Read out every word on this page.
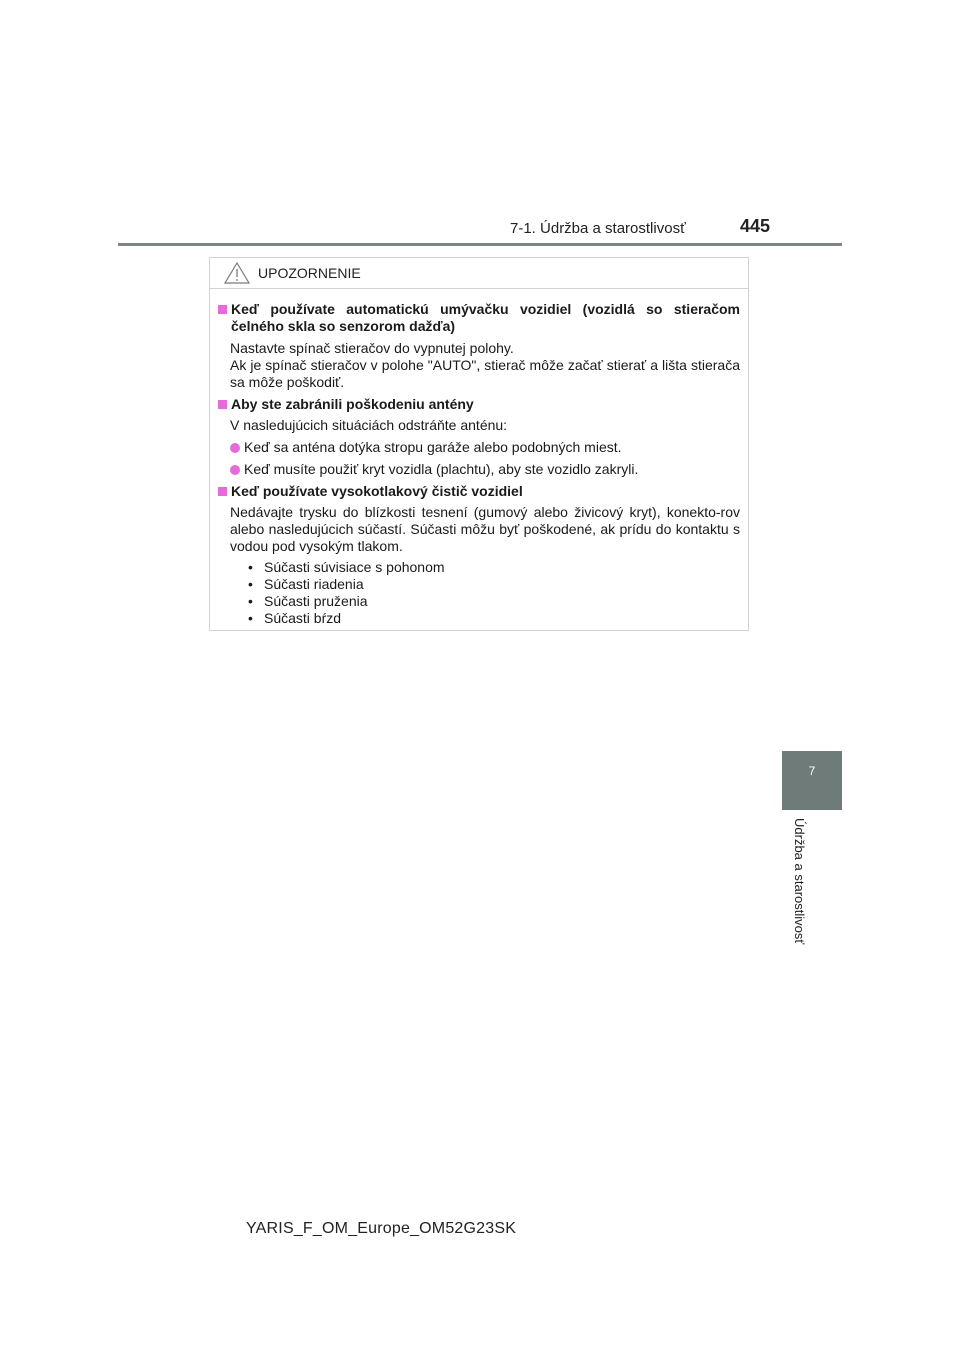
7-1. Údržba a starostlivosť	445
7
Údržba a starostlivosť
UPOZORNENIE
Keď používate automatickú umývačku vozidiel (vozidlá so stieračom čelného skla so senzorom dažďa)
Nastavte spínač stieračov do vypnutej polohy.
Ak je spínač stieračov v polohe "AUTO", stierač môže začať stierať a lišta stierača sa môže poškodiť.
Aby ste zabránili poškodeniu antény
V nasledujúcich situáciách odstráňte anténu:
Keď sa anténa dotýka stropu garáže alebo podobných miest.
Keď musíte použiť kryt vozidla (plachtu), aby ste vozidlo zakryli.
Keď používate vysokotlakový čistič vozidiel
Nedávajte trysku do blízkosti tesnení (gumový alebo živicový kryt), konekto-rov alebo nasledujúcich súčastí. Súčasti môžu byť poškodené, ak prídu do kontaktu s vodou pod vysokým tlakom.
• Súčasti súvisiace s pohonom
• Súčasti riadenia
• Súčasti pruženia
• Súčasti bŕzd
YARIS_F_OM_Europe_OM52G23SK
